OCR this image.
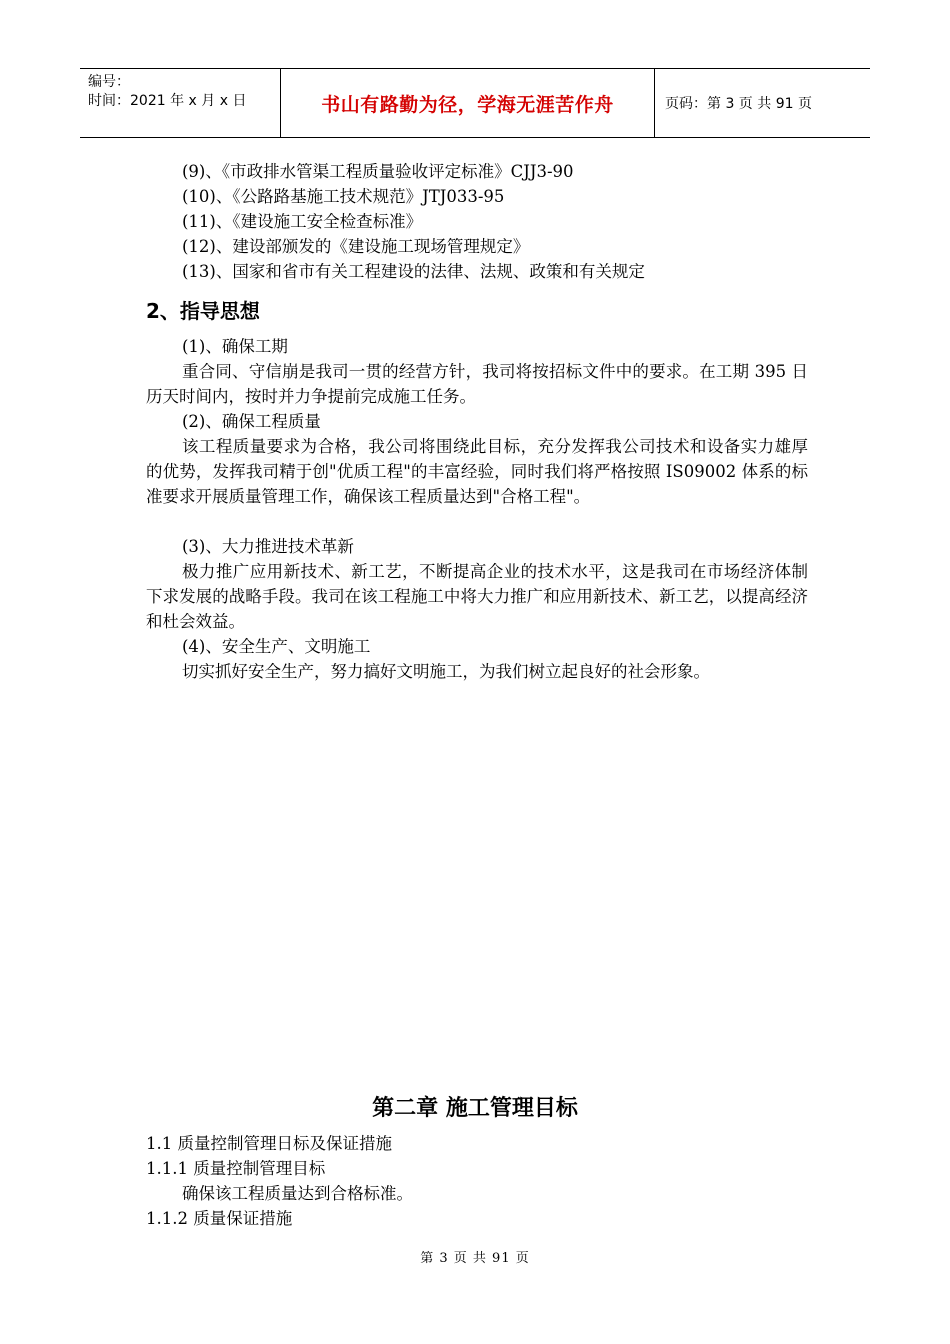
编号：
时间：2021 年 x 月 x 日	书山有路勤为径，学海无涯苦作舟	页码：第 3 页 共 91 页
(9)、《市政排水管渠工程质量验收评定标准》CJJ3-90
(10)、《公路路基施工技术规范》JTJ033-95
(11)、《建设施工安全检查标准》
(12)、建设部颁发的《建设施工现场管理规定》
(13)、国家和省市有关工程建设的法律、法规、政策和有关规定
2、指导思想
(1)、确保工期
重合同、守信崩是我司一贯的经营方针，我司将按招标文件中的要求。在工期 395 日历天时间内，按时并力争提前完成施工任务。
(2)、确保工程质量
该工程质量要求为合格，我公司将围绕此目标，充分发挥我公司技术和设备实力雄厚的优势，发挥我司精于创"优质工程"的丰富经验，同时我们将严格按照 IS09002 体系的标准要求开展质量管理工作，确保该工程质量达到"合格工程"。
(3)、大力推进技术革新
极力推广应用新技术、新工艺，不断提高企业的技术水平，这是我司在市场经济体制下求发展的战略手段。我司在该工程施工中将大力推广和应用新技术、新工艺，以提高经济和杜会效益。
(4)、安全生产、文明施工
切实抓好安全生产，努力搞好文明施工，为我们树立起良好的社会形象。
第二章 施工管理目标
1.1 质量控制管理日标及保证措施
1.1.1 质量控制管理目标
确保该工程质量达到合格标准。
1.1.2 质量保证措施
第 3 页 共 91 页
